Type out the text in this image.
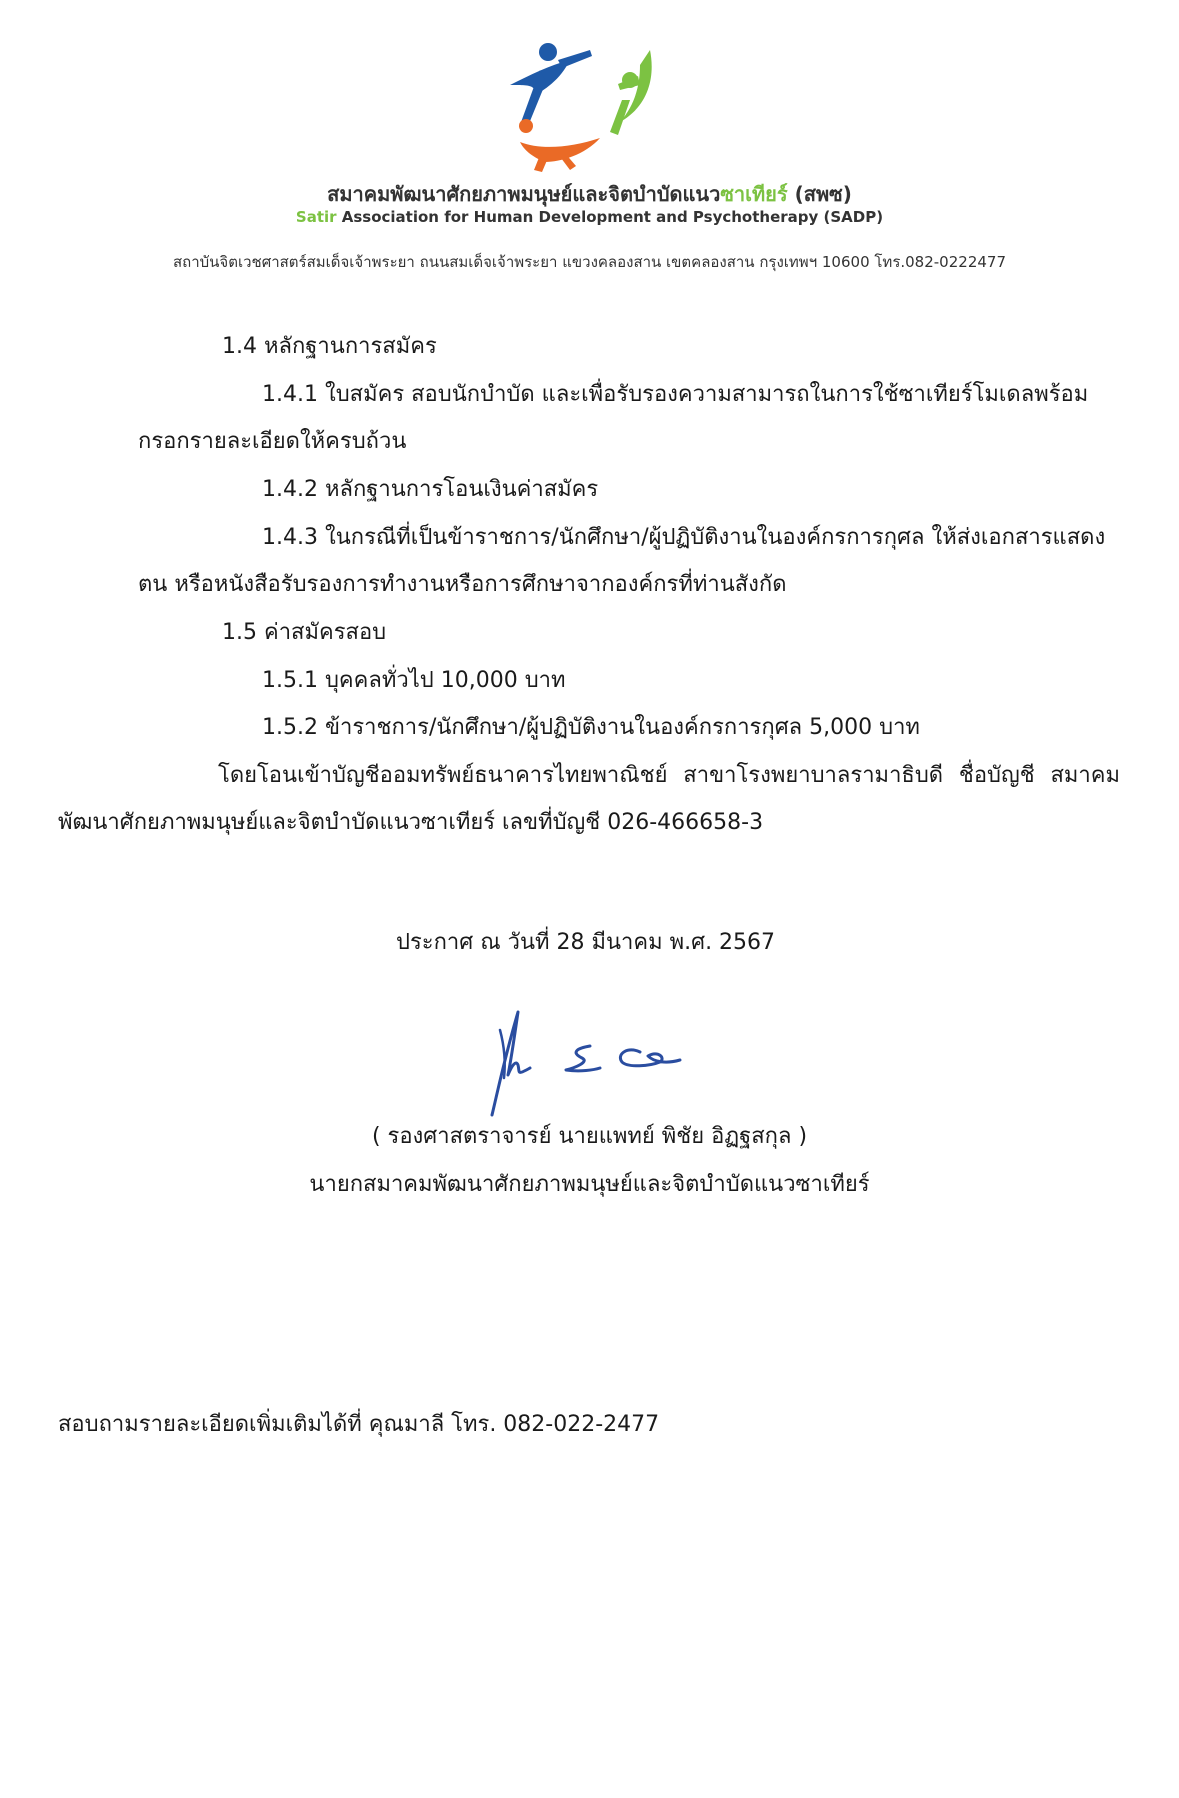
สมาคมพัฒนาศักยภาพมนุษย์และจิตบำบัดแนวซาเทียร์ (สพซ)
Satir Association for Human Development and Psychotherapy (SADP)
สถาบันจิตเวชศาสตร์สมเด็จเจ้าพระยา ถนนสมเด็จเจ้าพระยา แขวงคลองสาน เขตคลองสาน กรุงเทพฯ 10600 โทร.082-0222477
1.4 หลักฐานการสมัคร
1.4.1 ใบสมัคร สอบนักบำบัด และเพื่อรับรองความสามารถในการใช้ซาเทียร์โมเดลพร้อม
กรอกรายละเอียดให้ครบถ้วน
1.4.2 หลักฐานการโอนเงินค่าสมัคร
1.4.3 ในกรณีที่เป็นข้าราชการ/นักศึกษา/ผู้ปฏิบัติงานในองค์กรการกุศล ให้ส่งเอกสารแสดง
ตน หรือหนังสือรับรองการทำงานหรือการศึกษาจากองค์กรที่ท่านสังกัด
1.5 ค่าสมัครสอบ
1.5.1 บุคคลทั่วไป 10,000 บาท
1.5.2 ข้าราชการ/นักศึกษา/ผู้ปฏิบัติงานในองค์กรการกุศล 5,000 บาท
โดยโอนเข้าบัญชีออมทรัพย์ธนาคารไทยพาณิชย์ สาขาโรงพยาบาลรามาธิบดี ชื่อบัญชี สมาคม
พัฒนาศักยภาพมนุษย์และจิตบำบัดแนวซาเทียร์ เลขที่บัญชี 026-466658-3
ประกาศ ณ วันที่ 28 มีนาคม พ.ศ. 2567
( รองศาสตราจารย์ นายแพทย์ พิชัย อิฏฐสกุล )
นายกสมาคมพัฒนาศักยภาพมนุษย์และจิตบำบัดแนวซาเทียร์
สอบถามรายละเอียดเพิ่มเติมได้ที่ คุณมาลี โทร. 082-022-2477
